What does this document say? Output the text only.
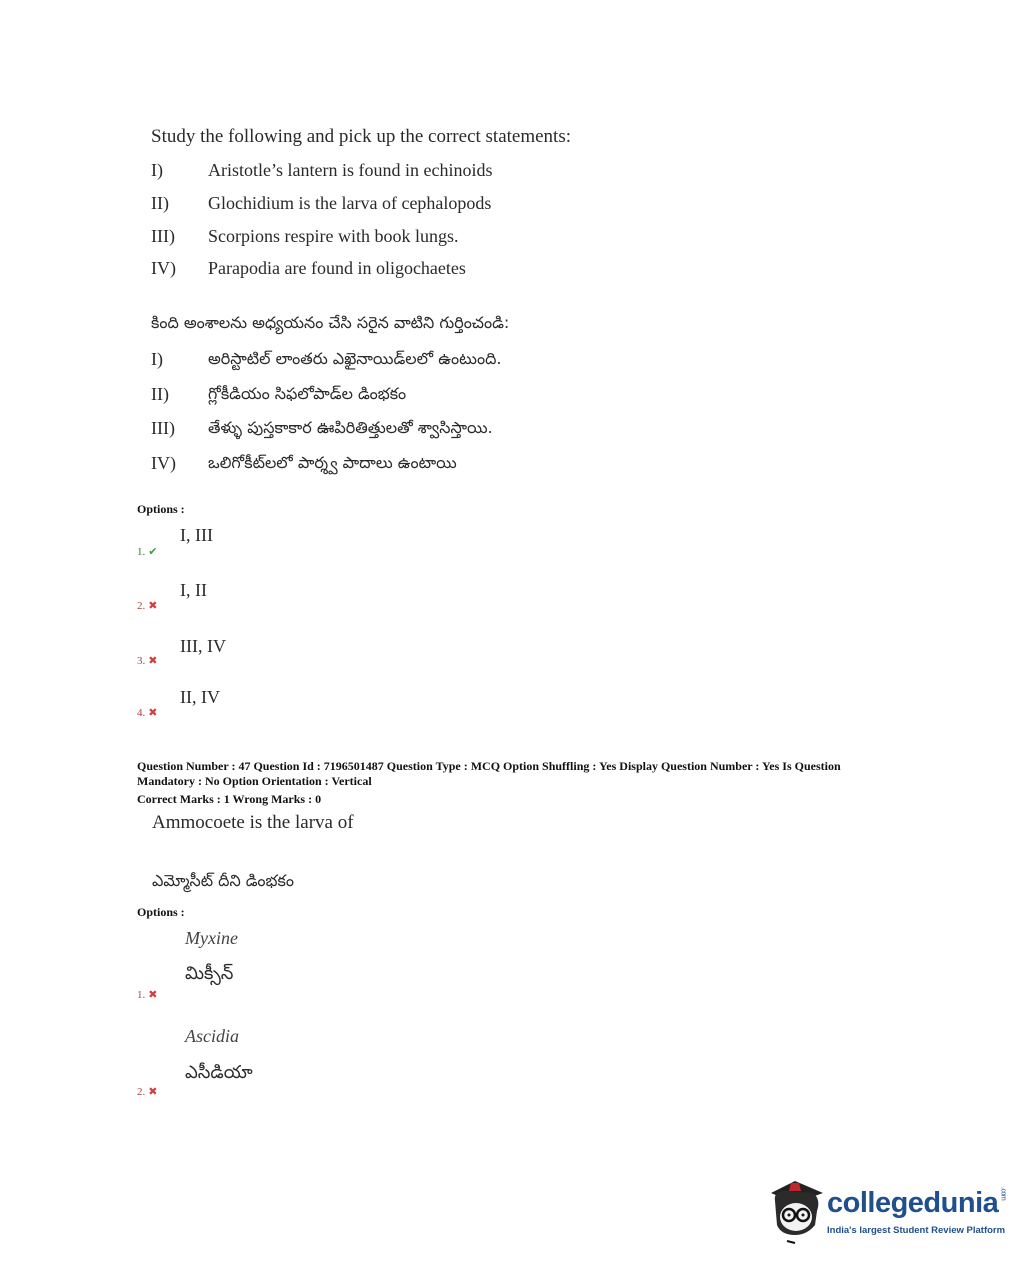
Study the following and pick up the correct statements:
I)	Aristotle’s lantern is found in echinoids
II) Glochidium is the larva of cephalopods
III) Scorpions respire with book lungs.
IV) Parapodia are found in oligochaetes
కింది అంశాలను అధ్యయనం చేసి సరైన వాటిని గుర్తించండి:
I)	అరిస్టాటిల్ లాంతరు ఎఖైనాయిడ్‌లలో ఉంటుంది.
II) గ్లోకీడియం సిఫలోపాడ్‌ల డింభకం
III) తేళ్ళు పుస్తకాకార ఊపిరితిత్తులతో శ్వాసిస్తాయి.
IV) ఒలిగోకీట్‌లలో పార్శ్వ పాదాలు ఉంటాయి
Options :
1. ✔
I, III
2. ✖
I, II
3. ✖
III, IV
4. ✖
II, IV
Question Number : 47 Question Id : 7196501487 Question Type : MCQ Option Shuffling : Yes Display Question Number : Yes Is Question
Mandatory : No Option Orientation : Vertical
Correct Marks : 1 Wrong Marks : 0
Ammocoete is the larva of
ఎమ్మోసీట్ దీని డింభకం
Options :
Myxine
మిక్సీన్
1. ✖
Ascidia
ఎసీడియా
2. ✖
collegedunia.com
India's largest Student Review Platform
